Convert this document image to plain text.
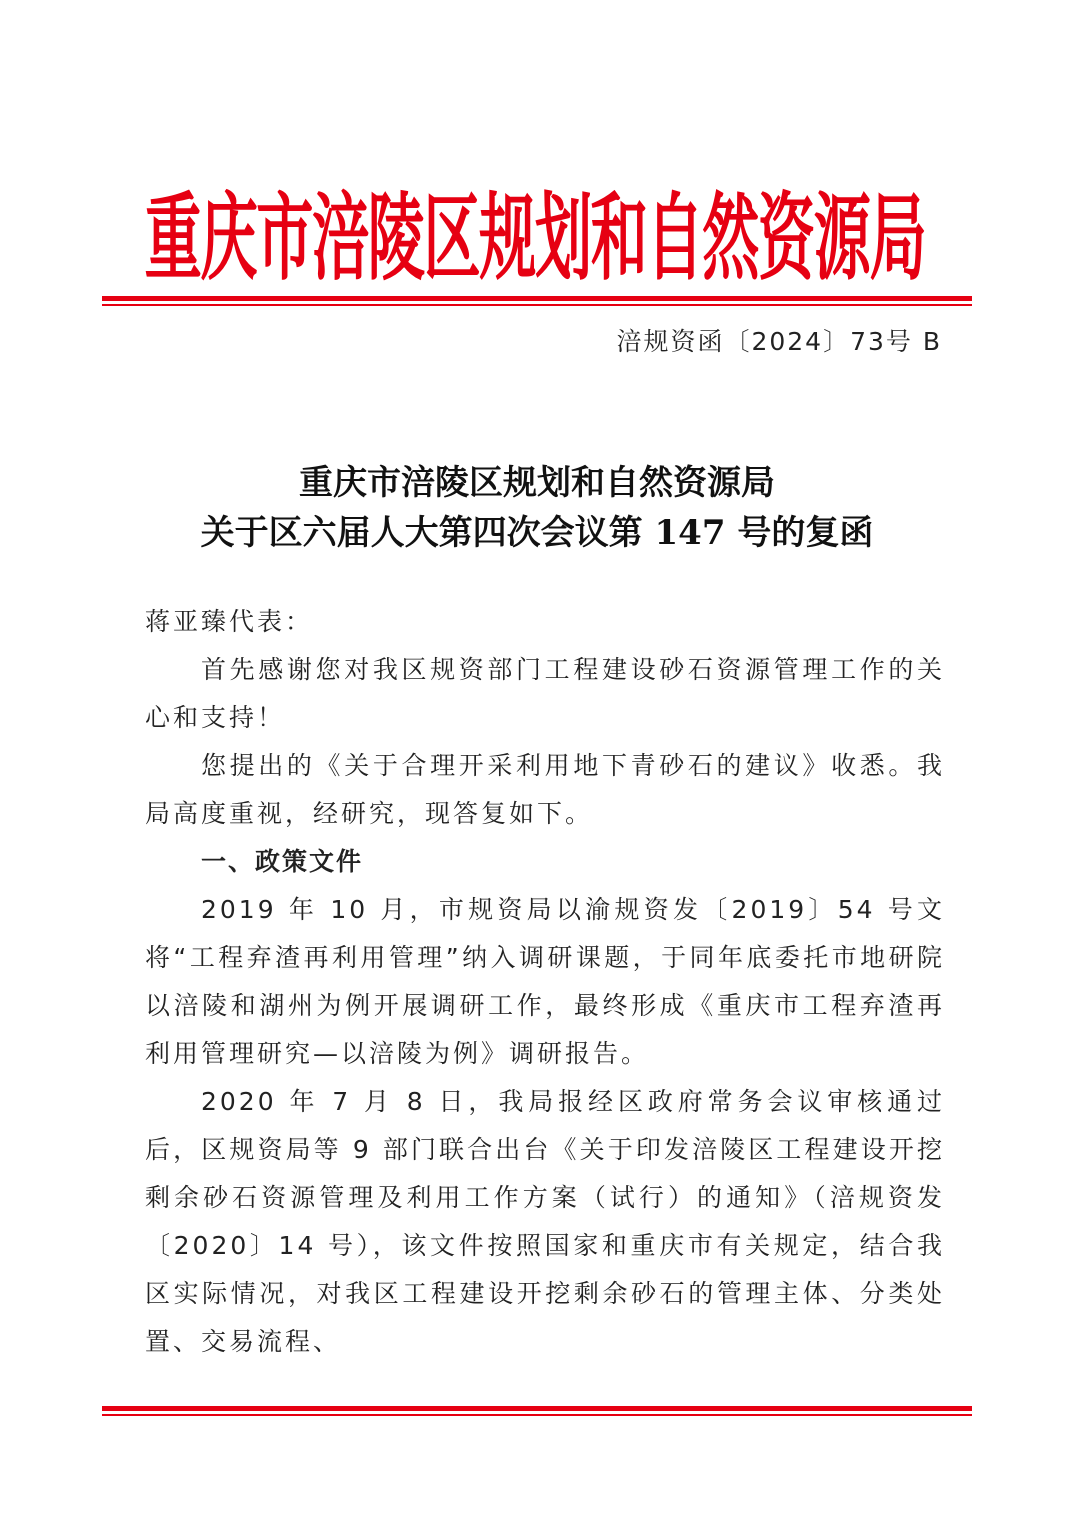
重庆市涪陵区规划和自然资源局
涪规资函〔2024〕73号 B
重庆市涪陵区规划和自然资源局
关于区六届人大第四次会议第 147 号的复函

蒋亚臻代表：

首先感谢您对我区规资部门工程建设砂石资源管理工作的关心和支持！

您提出的《关于合理开采利用地下青砂石的建议》收悉。我局高度重视，经研究，现答复如下。

一、政策文件

2019 年 10 月，市规资局以渝规资发〔2019〕54 号文将“工程弃渣再利用管理”纳入调研课题，于同年底委托市地研院以涪陵和湖州为例开展调研工作，最终形成《重庆市工程弃渣再利用管理研究—以涪陵为例》调研报告。

2020 年 7 月 8 日，我局报经区政府常务会议审核通过后，区规资局等 9 部门联合出台《关于印发涪陵区工程建设开挖剩余砂石资源管理及利用工作方案（试行）的通知》（涪规资发〔2020〕14 号），该文件按照国家和重庆市有关规定，结合我区实际情况，对我区工程建设开挖剩余砂石的管理主体、分类处置、交易流程、
